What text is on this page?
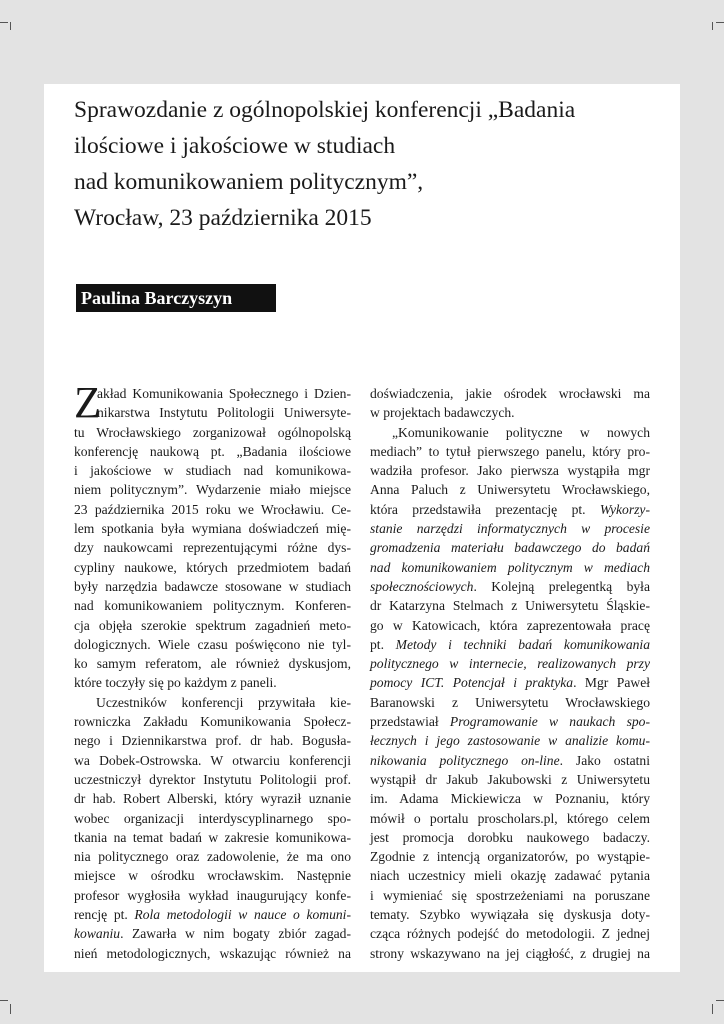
Sprawozdanie z ogólnopolskiej konferencji „Badania
ilościowe i jakościowe w studiach
nad komunikowaniem politycznym”,
Wrocław, 23 października 2015
Paulina Barczyszyn
Z
akład Komunikowania Społecznego i Dzien-
nikarstwa Instytutu Politologii Uniwersyte-
tu Wrocławskiego zorganizował ogólnopolską
konferencję naukową pt. „Badania ilościowe
i jakościowe w studiach nad komunikowa-
niem politycznym”. Wydarzenie miało miejsce
23 października 2015 roku we Wrocławiu. Ce-
lem spotkania była wymiana doświadczeń mię-
dzy naukowcami reprezentującymi różne dys-
cypliny naukowe, których przedmiotem badań
były narzędzia badawcze stosowane w studiach
nad komunikowaniem politycznym. Konferen-
cja objęła szerokie spektrum zagadnień meto-
dologicznych. Wiele czasu poświęcono nie tyl-
ko samym referatom, ale również dyskusjom,
które toczyły się po każdym z paneli.
Uczestników konferencji przywitała kie-
rowniczka Zakładu Komunikowania Społecz-
nego i Dziennikarstwa prof. dr hab. Bogusła-
wa Dobek-Ostrowska. W otwarciu konferencji
uczestniczył dyrektor Instytutu Politologii prof.
dr hab. Robert Alberski, który wyraził uznanie
wobec organizacji interdyscyplinarnego spo-
tkania na temat badań w zakresie komunikowa-
nia politycznego oraz zadowolenie, że ma ono
miejsce w ośrodku wrocławskim. Następnie
profesor wygłosiła wykład inaugurujący konfe-
rencję pt. Rola metodologii w nauce o komuni-
kowaniu. Zawarła w nim bogaty zbiór zagad-
nień metodologicznych, wskazując również na
doświadczenia, jakie ośrodek wrocławski ma
w projektach badawczych.
„Komunikowanie polityczne w nowych
mediach” to tytuł pierwszego panelu, który pro-
wadziła profesor. Jako pierwsza wystąpiła mgr
Anna Paluch z Uniwersytetu Wrocławskiego,
która przedstawiła prezentację pt. Wykorzy-
stanie narzędzi informatycznych w procesie
gromadzenia materiału badawczego do badań
nad komunikowaniem politycznym w mediach
społecznościowych. Kolejną prelegentką była
dr Katarzyna Stelmach z Uniwersytetu Śląskie-
go w Katowicach, która zaprezentowała pracę
pt. Metody i techniki badań komunikowania
politycznego w internecie, realizowanych przy
pomocy ICT. Potencjał i praktyka. Mgr Paweł
Baranowski z Uniwersytetu Wrocławskiego
przedstawiał Programowanie w naukach spo-
łecznych i jego zastosowanie w analizie komu-
nikowania politycznego on-line. Jako ostatni
wystąpił dr Jakub Jakubowski z Uniwersytetu
im. Adama Mickiewicza w Poznaniu, który
mówił o portalu proscholars.pl, którego celem
jest promocja dorobku naukowego badaczy.
Zgodnie z intencją organizatorów, po wystąpie-
niach uczestnicy mieli okazję zadawać pytania
i wymieniać się spostrzeżeniami na poruszane
tematy. Szybko wywiązała się dyskusja doty-
cząca różnych podejść do metodologii. Z jednej
strony wskazywano na jej ciągłość, z drugiej na
